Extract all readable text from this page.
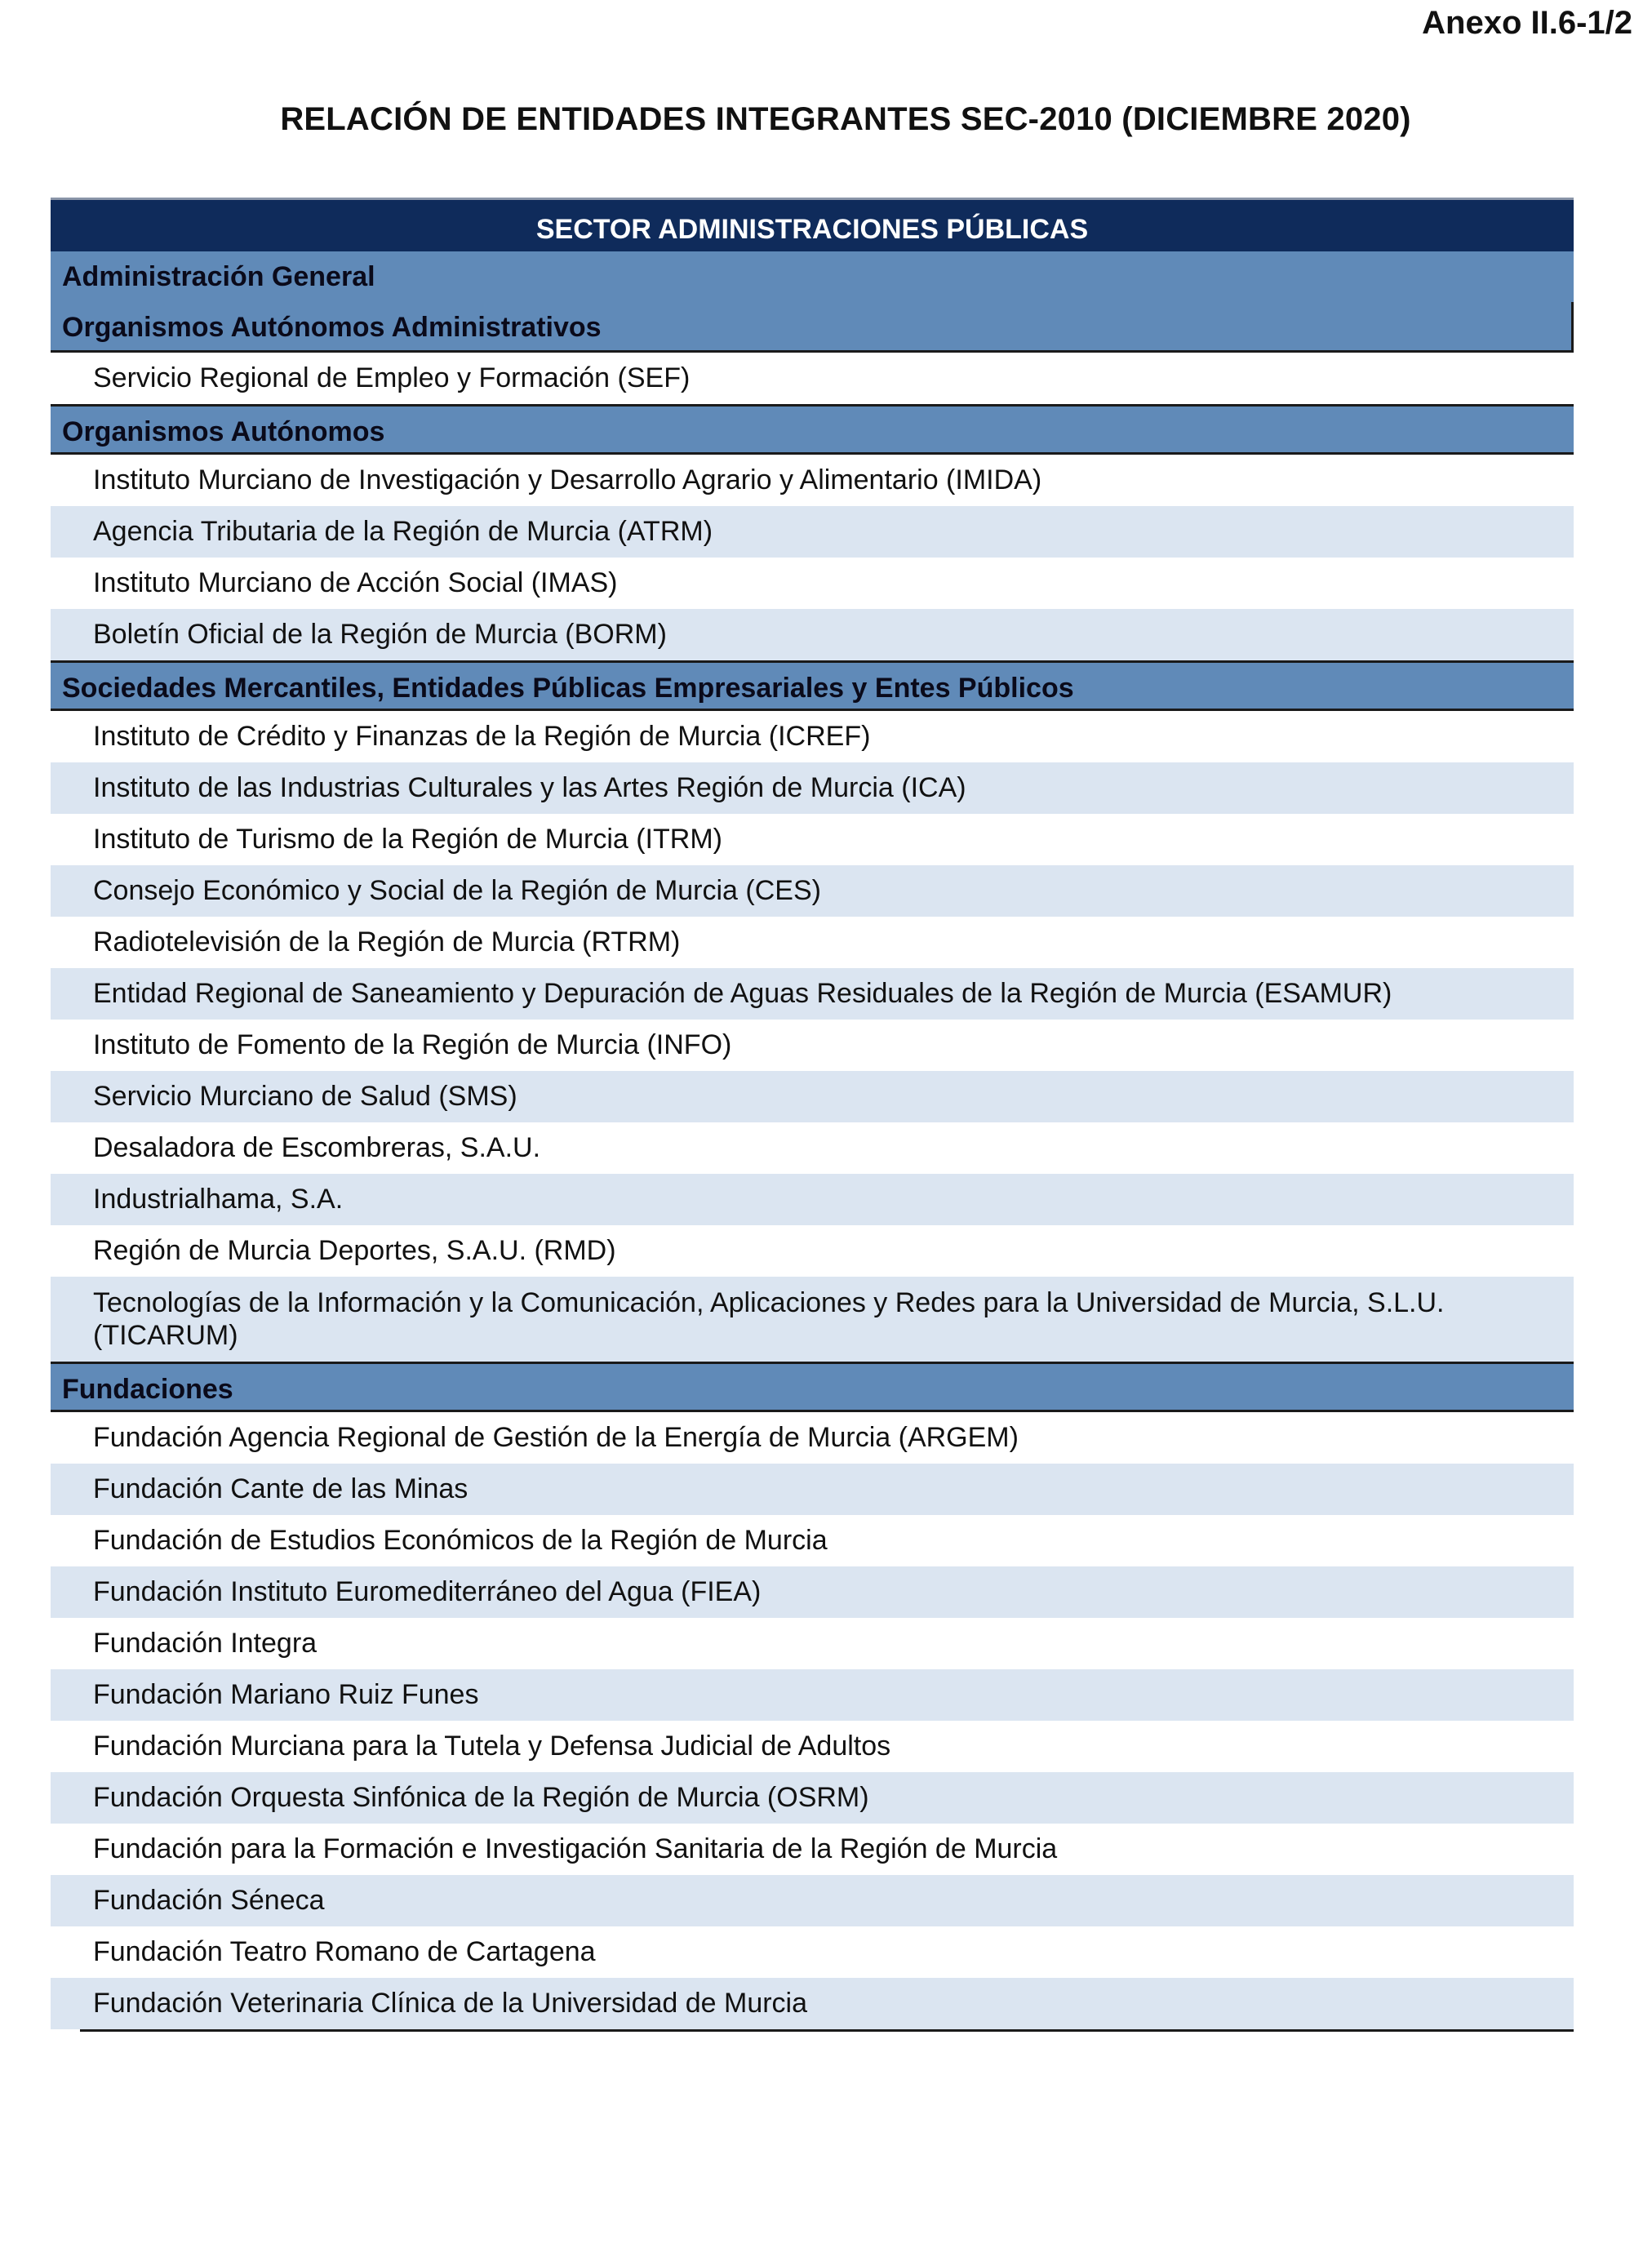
Anexo II.6-1/2
RELACIÓN DE ENTIDADES INTEGRANTES SEC-2010 (DICIEMBRE 2020)
SECTOR ADMINISTRACIONES PÚBLICAS
Administración General
Organismos Autónomos Administrativos
Servicio Regional de Empleo y Formación (SEF)
Organismos Autónomos
Instituto Murciano de Investigación y Desarrollo Agrario y Alimentario (IMIDA)
Agencia Tributaria de la Región de Murcia (ATRM)
Instituto Murciano de Acción Social (IMAS)
Boletín Oficial de la Región de Murcia (BORM)
Sociedades Mercantiles, Entidades Públicas Empresariales y Entes Públicos
Instituto de Crédito y Finanzas de la Región de Murcia (ICREF)
Instituto de las Industrias Culturales y las Artes Región de Murcia (ICA)
Instituto de Turismo de la Región de Murcia (ITRM)
Consejo Económico y Social de la Región de Murcia (CES)
Radiotelevisión de la Región de Murcia (RTRM)
Entidad Regional de Saneamiento y Depuración de Aguas Residuales de la Región de Murcia (ESAMUR)
Instituto de Fomento de la Región de Murcia (INFO)
Servicio Murciano de Salud (SMS)
Desaladora de Escombreras, S.A.U.
Industrialhama, S.A.
Región de Murcia Deportes, S.A.U. (RMD)
Tecnologías de la Información y la Comunicación, Aplicaciones y Redes para la Universidad de Murcia, S.L.U. (TICARUM)
Fundaciones
Fundación Agencia Regional de Gestión de la Energía de Murcia (ARGEM)
Fundación Cante de las Minas
Fundación de Estudios Económicos de la Región de Murcia
Fundación Instituto Euromediterráneo del Agua (FIEA)
Fundación Integra
Fundación Mariano Ruiz Funes
Fundación Murciana para la Tutela y Defensa Judicial de Adultos
Fundación Orquesta Sinfónica de la Región de Murcia (OSRM)
Fundación para la Formación e Investigación Sanitaria de la Región de Murcia
Fundación Séneca
Fundación Teatro Romano de Cartagena
Fundación Veterinaria Clínica de la Universidad de Murcia
